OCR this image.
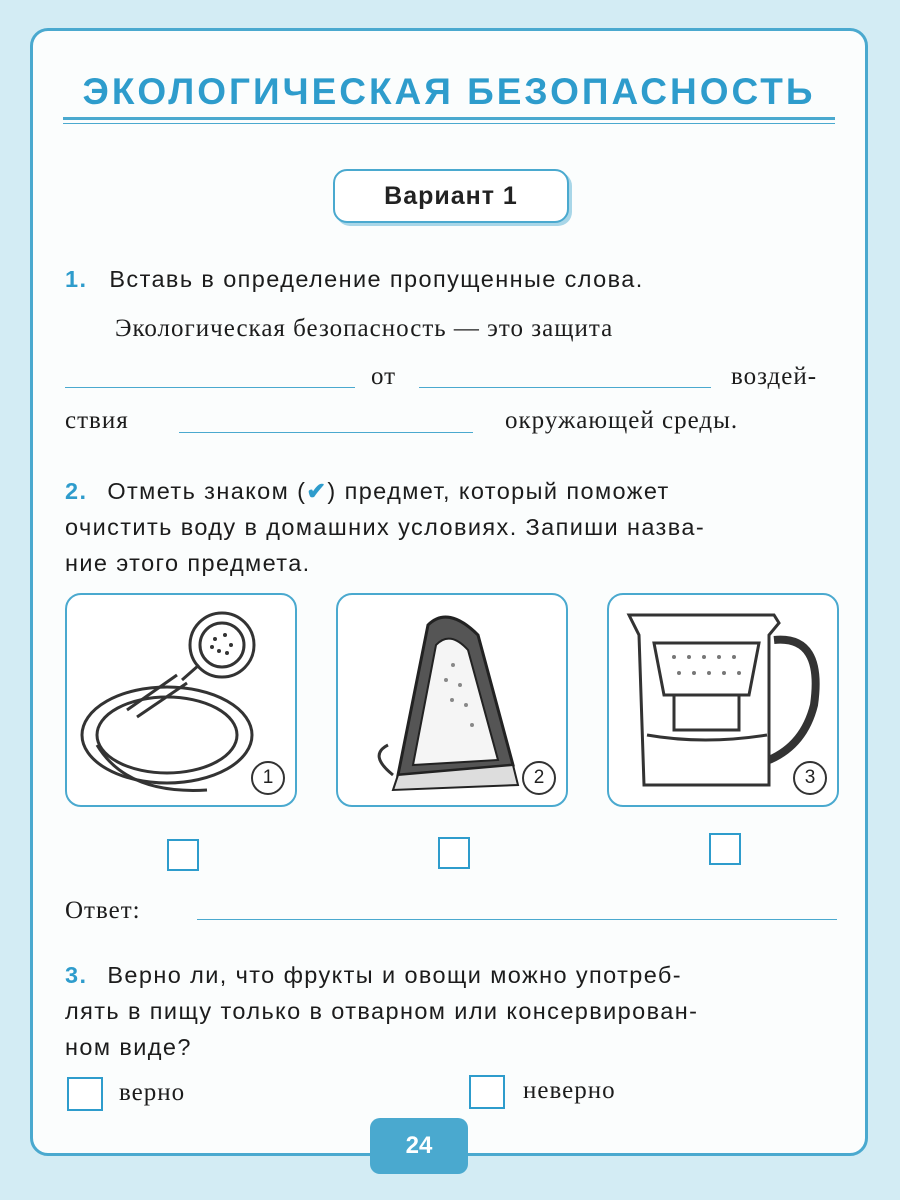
ЭКОЛОГИЧЕСКАЯ БЕЗОПАСНОСТЬ
Вариант 1
1. Вставь в определение пропущенные слова.
Экологическая безопасность — это защита
от	воздей-
ствия	окружающей среды.
2. Отметь знаком (✔) предмет, который поможет
очистить воду в домашних условиях. Запиши назва-
ние этого предмета.
1	2	3
Ответ:
3. Верно ли, что фрукты и овощи можно употреб-
лять в пищу только в отварном или консервирован-
ном виде?
верно	неверно
24
